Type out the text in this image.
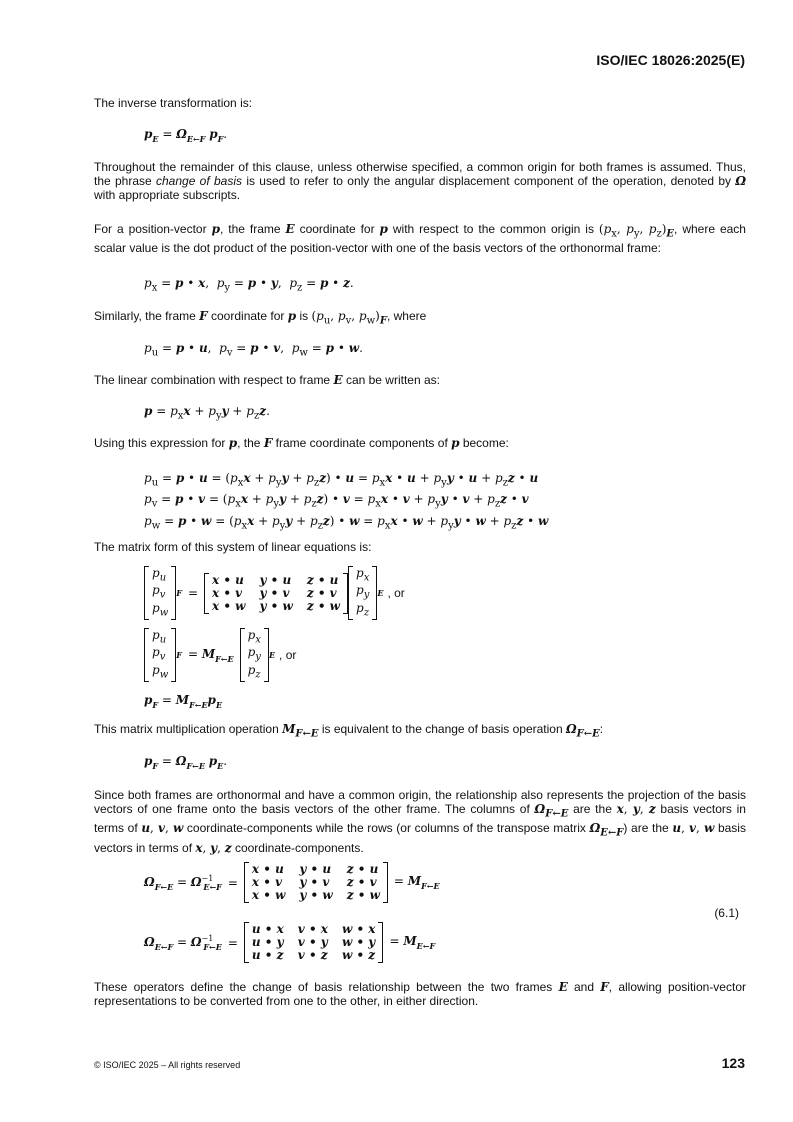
ISO/IEC 18026:2025(E)

The inverse transformation is:

$p_E = \Omega_{E\leftarrow F}$ $p_F$.

Throughout the remainder of this clause, unless otherwise specified, a common origin for both frames is assumed. Thus, the phrase change of basis is used to refer to only the angular displacement component of the operation, denoted by Ω with appropriate subscripts.

For a position-vector p, the frame E coordinate for p with respect to the common origin is ($p_x$, $p_y$, $p_z)_E$, where each scalar value is the dot product of the position-vector with one of the basis vectors of the orthonormal frame:

$p_x = p$ • x,  $p_y = p$ • y,  $p_z = p$ • z.

Similarly, the frame F coordinate for p is ($p_u$, $p_v$, $p_w)_F$, where

$p_u = p$ • u,  $p_v = p$ • v,  $p_w = p$ • w.

The linear combination with respect to frame E can be written as:

$p = p_xx + p_yy + p_zz$.

Using this expression for p, the F frame coordinate components of p become:

$p_u = p$ • $u = (p_xx + p_yy + p_zz)$ • $u = p_xx$ • $u + p_yy$ • $u + p_zz$ • u
$p_v = p$ • $v = (p_xx + p_yy + p_zz)$ • $v = p_xx$ • $v + p_yy$ • $v + p_zz$ • v
$p_w = p$ • $w = (p_xx + p_yy + p_zz)$ • $w = p_xx$ • $w + p_yy$ • $w + p_zz$ • w

The matrix form of this system of linear equations is:

$p_u$
$p_v$
$p_w$
F =
x • u y • u z • u
x • v y • v z • v
x • w y • w z • w
$p_x$
$p_y$
$p_z$
E , or
$p_u$
$p_v$
$p_w$
$F = M_{F\leftarrow E}$
$p_x$
$p_y$
$p_z$
E , or
$p_F = M_{F\leftarrow E}p_E$

This matrix multiplication operation $M_{F\leftarrow E}$ is equivalent to the change of basis operation $\Omega_{F\leftarrow E}$:

$p_F = \Omega_{F\leftarrow E}$ $p_E$.

Since both frames are orthonormal and have a common origin, the relationship also represents the projection of the basis vectors of one frame onto the basis vectors of the other frame. The columns of $\Omega_{F\leftarrow E}$ are the x, y, z basis vectors in terms of u, v, w coordinate-components while the rows (or columns of the transpose matrix $\Omega_{E\leftarrow F}$) are the u, v, w basis vectors in terms of x, y, z coordinate-components.

$\Omega_{F\leftarrow E} = \Omega^{-1}_{E\leftarrow F}$ =
x • u y • u z • u
x • v y • v z • v
x • w y • w z • w
= $M_{F\leftarrow E}$
(6.1)
$\Omega_{E\leftarrow F} = \Omega^{-1}_{F\leftarrow E}$ =
u • x v • x w • x
u • y v • y w • y
u • z v • z w • z
= $M_{E\leftarrow F}$

These operators define the change of basis relationship between the two frames E and F, allowing position-vector representations to be converted from one to the other, in either direction.

© ISO/IEC 2025 – All rights reserved	123
